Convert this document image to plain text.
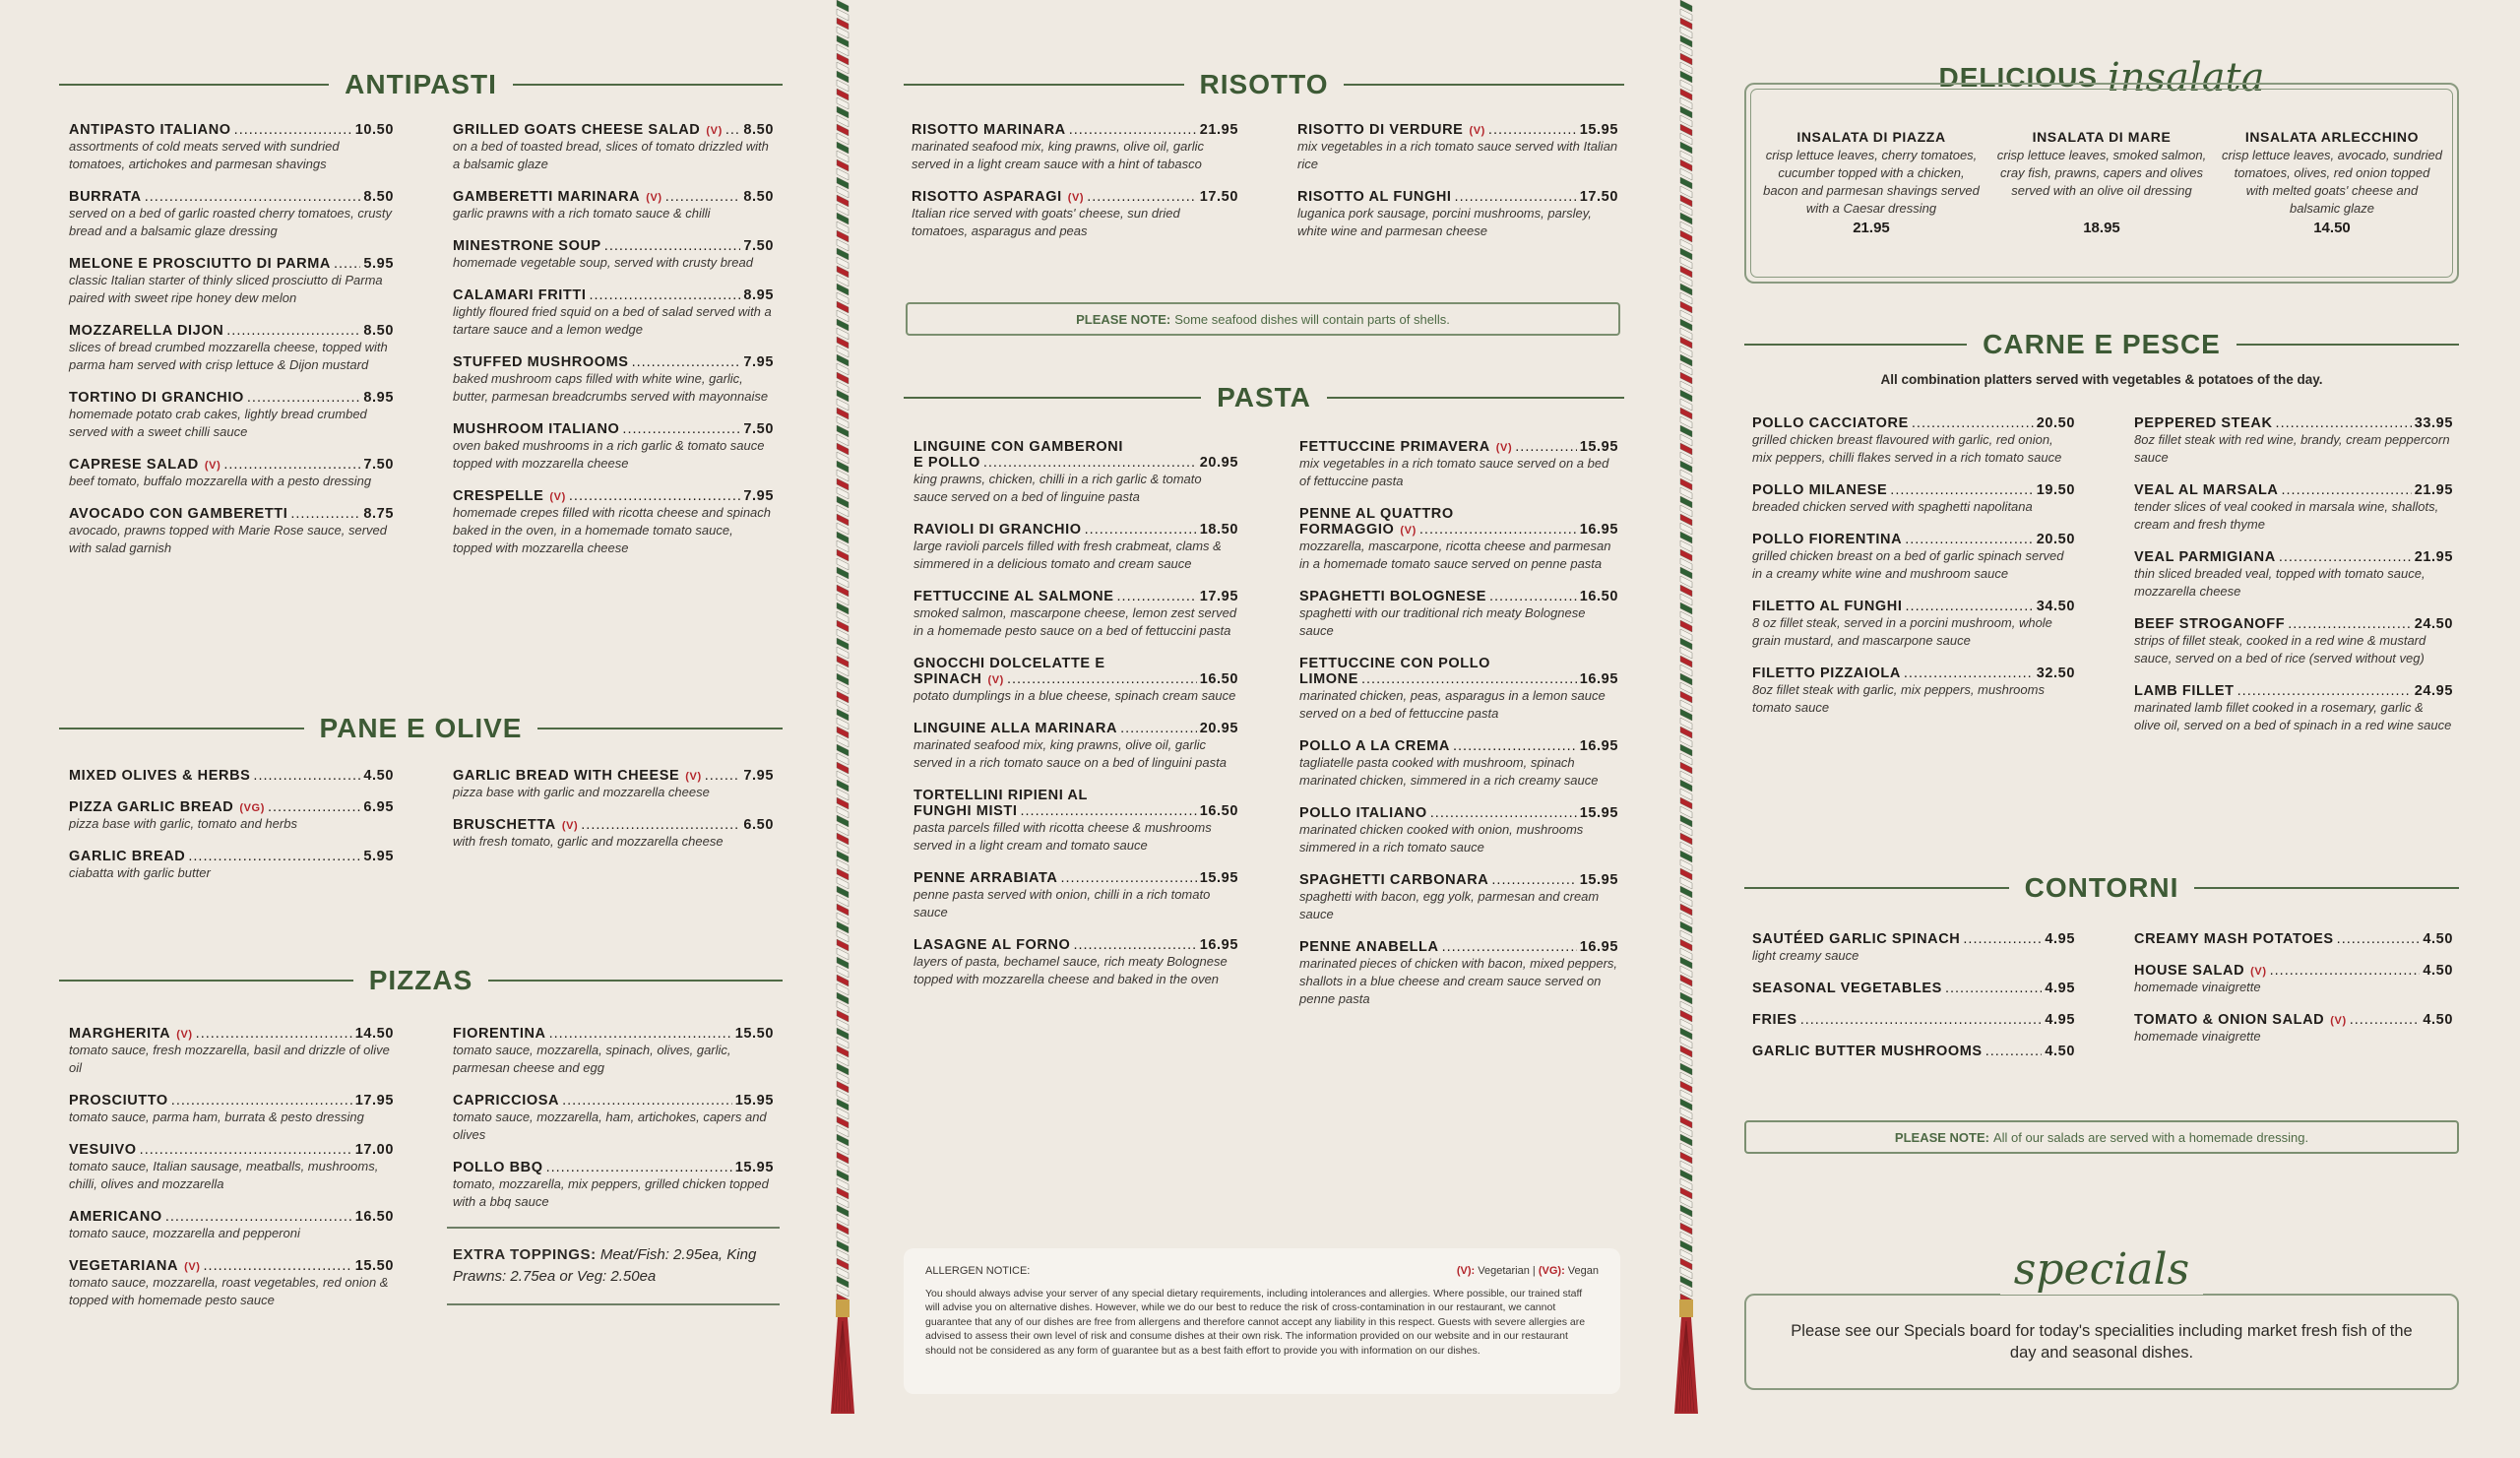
ANTIPASTI
ANTIPASTO ITALIANO .....	10.50
assortments of cold meats served with sundried tomatoes, artichokes and parmesan shavings
BURRATA .....	8.50
served on a bed of garlic roasted cherry tomatoes, crusty bread and a balsamic glaze dressing
MELONE E PROSCIUTTO DI PARMA ..... 5.95
classic Italian starter of thinly sliced prosciutto di Parma paired with sweet ripe honey dew melon
MOZZARELLA DIJON .....	8.50
slices of bread crumbed mozzarella cheese, topped with parma ham served with crisp lettuce & Dijon mustard
TORTINO DI GRANCHIO .....	8.95
homemade potato crab cakes, lightly bread crumbed served with a sweet chilli sauce
CAPRESE SALAD (V) .....	7.50
beef tomato, buffalo mozzarella with a pesto dressing
AVOCADO CON GAMBERETTI .....	8.75
avocado, prawns topped with Marie Rose sauce, served with salad garnish
GRILLED GOATS CHEESE SALAD (V) ..... 8.50
on a bed of toasted bread, slices of tomato drizzled with a balsamic glaze
GAMBERETTI MARINARA (V) .....	8.50
garlic prawns with a rich tomato sauce & chilli
MINESTRONE SOUP .....	7.50
homemade vegetable soup, served with crusty bread
CALAMARI FRITTI .....	8.95
lightly floured fried squid on a bed of salad served with a tartare sauce and a lemon wedge
STUFFED MUSHROOMS .....	7.95
baked mushroom caps filled with white wine, garlic, butter, parmesan breadcrumbs served with mayonnaise
MUSHROOM ITALIANO .....	7.50
oven baked mushrooms in a rich garlic & tomato sauce topped with mozzarella cheese
CRESPELLE (V) .....	7.95
homemade crepes filled with ricotta cheese and spinach baked in the oven, in a homemade tomato sauce, topped with mozzarella cheese
PANE E OLIVE
MIXED OLIVES & HERBS .....	4.50
PIZZA GARLIC BREAD (VG) .....	6.95
pizza base with garlic, tomato and herbs
GARLIC BREAD .....	5.95
ciabatta with garlic butter
GARLIC BREAD WITH CHEESE (V) .....	7.95
pizza base with garlic and mozzarella cheese
BRUSCHETTA (V) .....	6.50
with fresh tomato, garlic and mozzarella cheese
PIZZAS
MARGHERITA (V) .....	14.50
tomato sauce, fresh mozzarella, basil and drizzle of olive oil
PROSCIUTTO .....	17.95
tomato sauce, parma ham, burrata & pesto dressing
VESUIVO .....	17.00
tomato sauce, Italian sausage, meatballs, mushrooms, chilli, olives and mozzarella
AMERICANO .....	16.50
tomato sauce, mozzarella and pepperoni
VEGETARIANA (V) .....	15.50
tomato sauce, mozzarella, roast vegetables, red onion & topped with homemade pesto sauce
FIORENTINA .....	15.50
tomato sauce, mozzarella, spinach, olives, garlic, parmesan cheese and egg
CAPRICCIOSA .....	15.95
tomato sauce, mozzarella, ham, artichokes, capers and olives
POLLO BBQ .....	15.95
tomato, mozzarella, mix peppers, grilled chicken topped with a bbq sauce
EXTRA TOPPINGS: Meat/Fish: 2.95ea, King Prawns: 2.75ea or Veg: 2.50ea
RISOTTO
RISOTTO MARINARA .....	21.95
marinated seafood mix, king prawns, olive oil, garlic served in a light cream sauce with a hint of tabasco
RISOTTO ASPARAGI (V) .....	17.50
Italian rice served with goats' cheese, sun dried tomatoes, asparagus and peas
RISOTTO DI VERDURE (V) .....	15.95
mix vegetables in a rich tomato sauce served with Italian rice
RISOTTO AL FUNGHI .....	17.50
luganica pork sausage, porcini mushrooms, parsley, white wine and parmesan cheese
PLEASE NOTE: Some seafood dishes will contain parts of shells.
PASTA
LINGUINE CON GAMBERONI
E POLLO .....	20.95
king prawns, chicken, chilli in a rich garlic & tomato sauce served on a bed of linguine pasta
RAVIOLI DI GRANCHIO .....	18.50
large ravioli parcels filled with fresh crabmeat, clams & simmered in a delicious tomato and cream sauce
FETTUCCINE AL SALMONE .....	17.95
smoked salmon, mascarpone cheese, lemon zest served in a homemade pesto sauce on a bed of fettuccini pasta
GNOCCHI DOLCELATTE E
SPINACH (V) .....	16.50
potato dumplings in a blue cheese, spinach cream sauce
LINGUINE ALLA MARINARA .....	20.95
marinated seafood mix, king prawns, olive oil, garlic served in a rich tomato sauce on a bed of linguini pasta
TORTELLINI RIPIENI AL
FUNGHI MISTI .....	16.50
pasta parcels filled with ricotta cheese & mushrooms served in a light cream and tomato sauce
PENNE ARRABIATA .....	15.95
penne pasta served with onion, chilli in a rich tomato sauce
LASAGNE AL FORNO .....	16.95
layers of pasta, bechamel sauce, rich meaty Bolognese topped with mozzarella cheese and baked in the oven
FETTUCCINE PRIMAVERA (V) .....	15.95
mix vegetables in a rich tomato sauce served on a bed of fettuccine pasta
PENNE AL QUATTRO
FORMAGGIO (V) .....	16.95
mozzarella, mascarpone, ricotta cheese and parmesan in a homemade tomato sauce served on penne pasta
SPAGHETTI BOLOGNESE .....	16.50
spaghetti with our traditional rich meaty Bolognese sauce
FETTUCCINE CON POLLO
LIMONE .....	16.95
marinated chicken, peas, asparagus in a lemon sauce served on a bed of fettuccine pasta
POLLO A LA CREMA .....	16.95
tagliatelle pasta cooked with mushroom, spinach marinated chicken, simmered in a rich creamy sauce
POLLO ITALIANO .....	15.95
marinated chicken cooked with onion, mushrooms simmered in a rich tomato sauce
SPAGHETTI CARBONARA .....	15.95
spaghetti with bacon, egg yolk, parmesan and cream sauce
PENNE ANABELLA .....	16.95
marinated pieces of chicken with bacon, mixed peppers, shallots in a blue cheese and cream sauce served on penne pasta
ALLERGEN NOTICE:	(V): Vegetarian | (VG): Vegan
You should always advise your server of any special dietary requirements, including intolerances and allergies. Where possible, our trained staff will advise you on alternative dishes. However, while we do our best to reduce the risk of cross-contamination in our restaurant, we cannot guarantee that any of our dishes are free from allergens and therefore cannot accept any liability in this respect. Guests with severe allergies are advised to assess their own level of risk and consume dishes at their own risk. The information provided on our website and in our restaurant should not be considered as any form of guarantee but as a best faith effort to provide you with information on our dishes.
DELICIOUS insalata
INSALATA DI PIAZZA
crisp lettuce leaves, cherry tomatoes, cucumber topped with a chicken, bacon and parmesan shavings served with a Caesar dressing
21.95
INSALATA DI MARE
crisp lettuce leaves, smoked salmon, cray fish, prawns, capers and olives served with an olive oil dressing
18.95
INSALATA ARLECCHINO
crisp lettuce leaves, avocado, sundried tomatoes, olives, red onion topped with melted goats' cheese and balsamic glaze
14.50
CARNE E PESCE
All combination platters served with vegetables & potatoes of the day.
POLLO CACCIATORE .....	20.50
grilled chicken breast flavoured with garlic, red onion, mix peppers, chilli flakes served in a rich tomato sauce
POLLO MILANESE .....	19.50
breaded chicken served with spaghetti napolitana
POLLO FIORENTINA .....	20.50
grilled chicken breast on a bed of garlic spinach served in a creamy white wine and mushroom sauce
FILETTO AL FUNGHI .....	34.50
8 oz fillet steak, served in a porcini mushroom, whole grain mustard, and mascarpone sauce
FILETTO PIZZAIOLA .....	32.50
8oz fillet steak with garlic, mix peppers, mushrooms tomato sauce
PEPPERED STEAK .....	33.95
8oz fillet steak with red wine, brandy, cream peppercorn sauce
VEAL AL MARSALA .....	21.95
tender slices of veal cooked in marsala wine, shallots, cream and fresh thyme
VEAL PARMIGIANA .....	21.95
thin sliced breaded veal, topped with tomato sauce, mozzarella cheese
BEEF STROGANOFF .....	24.50
strips of fillet steak, cooked in a red wine & mustard sauce, served on a bed of rice (served without veg)
LAMB FILLET .....	24.95
marinated lamb fillet cooked in a rosemary, garlic & olive oil, served on a bed of spinach in a red wine sauce
CONTORNI
SAUTÉED GARLIC SPINACH .....	4.95
light creamy sauce
SEASONAL VEGETABLES .....	4.95
FRIES .....	4.95
GARLIC BUTTER MUSHROOMS .....	4.50
CREAMY MASH POTATOES .....	4.50
HOUSE SALAD (V) .....	4.50
homemade vinaigrette
TOMATO & ONION SALAD (V) .....	4.50
homemade vinaigrette
PLEASE NOTE: All of our salads are served with a homemade dressing.
Please see our Specials board for today's specialities including market fresh fish of the day and seasonal dishes.
specials
